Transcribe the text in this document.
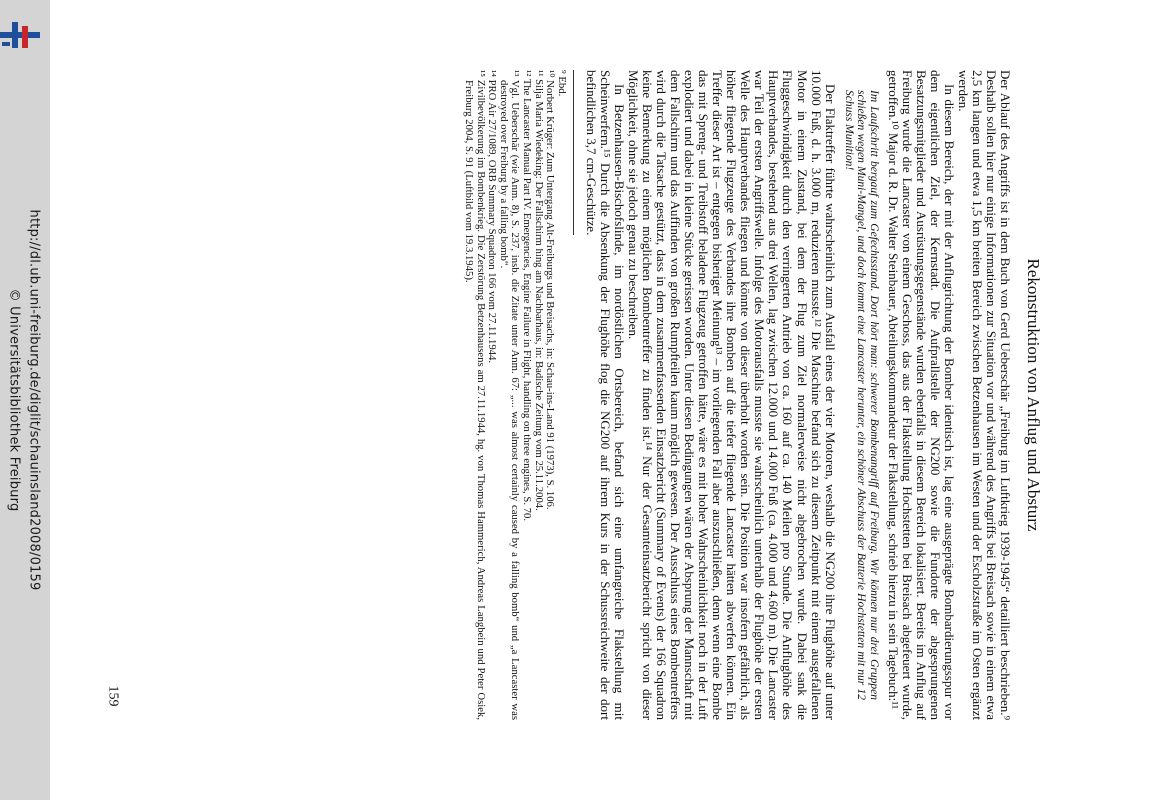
http://dl.ub.uni-freiburg.de/diglit/schauinsland2008/0159
© Universitätsbibliothek Freiburg	Rekonstruktion von Anflug und Absturz

Der Ablauf des Angriffs ist in dem Buch von Gerd Ueberschär „Freiburg im Luftkrieg 1939-1945“ detailliert beschrieben.⁹ Deshalb sollen hier nur einige Informationen zur Situation vor und während des Angriffs bei Breisach sowie in einem etwa 2,5 km langen und etwa 1,5 km breiten Bereich zwischen Betzenhausen im Westen und der Escholzstraße im Osten ergänzt werden.

In diesem Bereich, der mit der Anflugrichtung der Bomber identisch ist, lag eine ausgeprägte Bombardierungsspur vor dem eigentlichen Ziel, der Kernstadt. Die Aufprallstelle der NG200 sowie die Fundorte der abgesprungenen Besatzungsmitglieder und Ausrüstungsgegenstände wurden ebenfalls in diesem Bereich lokalisiert. Bereits im Anflug auf Freiburg wurde die Lancaster von einem Geschoss, das aus der Flakstellung Hochstetten bei Breisach abgefeuert wurde, getroffen.¹⁰ Major d. R. Dr. Walter Steinbauer, Abteilungskommandeur der Flakstellung, schrieb hierzu in sein Tagebuch:¹¹

Im Laufschritt bergauf zum Gefechtsstand. Dort hört man: schwerer Bombenangriff auf Freiburg. Wir können nur drei Gruppen schießen wegen Muni-Mangel, und doch kommt eine Lancaster herunter, ein schöner Abschuss der Batterie Hochstetten mit nur 12 Schuss Munition!

Der Flaktreffer führte wahrscheinlich zum Ausfall eines der vier Motoren, weshalb die NG200 ihre Flughöhe auf unter 10.000 Fuß, d. h. 3.000 m, reduzieren musste.¹² Die Maschine befand sich zu diesem Zeitpunkt mit einem ausgefallenen Motor in einem Zustand, bei dem der Flug zum Ziel normalerweise nicht abgebrochen wurde. Dabei sank die Fluggeschwindigkeit durch den verringerten Antrieb von ca. 160 auf ca. 140 Meilen pro Stunde. Die Anflughöhe des Hauptverbandes, bestehend aus drei Wellen, lag zwischen 12.000 und 14.000 Fuß (ca. 4.000 und 4.600 m). Die Lancaster war Teil der ersten Angriffswelle. Infolge des Motorausfalls musste sie wahrscheinlich unterhalb der Flughöhe der ersten Welle des Hauptverbandes fliegen und könnte von dieser überholt worden sein. Die Position war insofern gefährlich, als höher fliegende Flugzeuge des Verbandes ihre Bomben auf die tiefer fliegende Lancaster hätten abwerfen können. Ein Treffer dieser Art ist – entgegen bisheriger Meinung¹³ – im vorliegenden Fall aber auszuschließen, denn wenn eine Bombe das mit Spreng- und Treibstoff beladene Flugzeug getroffen hätte, wäre es mit hoher Wahrscheinlichkeit noch in der Luft explodiert und dabei in kleine Stücke gerissen worden. Unter diesen Bedingungen wären der Absprung der Mannschaft mit dem Fallschirm und das Auffinden von großen Rumpfteilen kaum möglich gewesen. Der Ausschluss eines Bombentreffers wird durch die Tatsache gestützt, dass in dem zusammenfassenden Einsatzbericht (Summary of Events) der 166 Squadron keine Bemerkung zu einem möglichen Bombentreffer zu finden ist.¹⁴ Nur der Gesamteinsatzbericht spricht von dieser Möglichkeit, ohne sie jedoch genau zu beschreiben.

In Betzenhausen-Bischofslinde, im nordöstlichen Ortsbereich, befand sich eine umfangreiche Flakstellung mit Scheinwerfern.¹⁵ Durch die Absenkung der Flughöhe flog die NG200 auf ihrem Kurs in der Schussreichweite der dort befindlichen 3,7 cm-Geschütze.

⁹ Ebd.

¹⁰ Norbert Krüger: Zum Untergang Alt-Freiburgs und Breisachs, in: Schau-ins-Land 91 (1973), S. 106.

¹¹ Silja Maria Wiedeking: Der Fallschirm hing am Nachbarhaus, in: Badische Zeitung vom 25.11.2004.

¹² The Lancaster Manual Part IV. Emergencies, Engine Failure in Flight, handling on three engines, S. 70.

¹³ Vgl. Ueberschär (wie Anm. 8), S. 237, insb. die Zitate unter Anm. 67: „... was almost certainly caused by a falling bomb“ und „a Lancaster was destroyed over Freiburg by a falling bomb“.

¹⁴ PRO Air 27/1089, ORB Summary Squadron 166 vom 27.11.1944.

¹⁵ Zivilbevölkerung im Bombenkrieg. Die Zerstörung Betzenhausens am 27.11.1944, hg. von Thomas Hammerich, Andreas Langbein und Peter Osiek, Freiburg 2004, S. 91 (Luftbild vom 19.3.1945).

159
